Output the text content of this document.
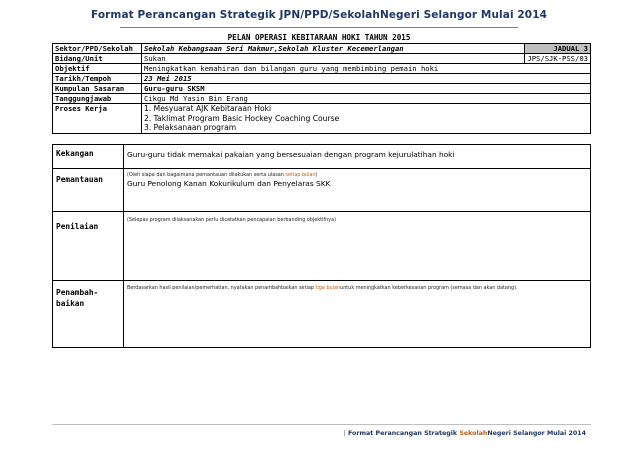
Format Perancangan Strategik JPN/PPD/SekolahNegeri Selangor Mulai 2014
PELAN OPERASI KEBITARAAN HOKI TAHUN 2015
Sektor/PPD/Sekolah	Sekolah Kebangsaan Seri Makmur,Sekolah Kluster Kecemerlangan	JADUAL 3
Bidang/Unit	Sukan	JPS/SJK-PSS/03
Objektif	Meningkatkan kemahiran dan bilangan guru yang membimbing pemain hoki	
Tarikh/Tempoh	23 Mei 2015	
Kumpulan Sasaran	Guru-guru SKSM	
Tanggungjawab	Cikgu Md Yasin Bin Erang	
Proses Kerja	1. Mesyuarat AJK Kebitaraan Hoki
2. Taklimat Program Basic Hockey Coaching Course
3. Pelaksanaan program	
Kekangan	Guru-guru tidak memakai pakaian yang bersesuaian dengan program kejurulatihan hoki

Pemantauan	(Oleh siapa dan bagaimana pemantauan dilakukan serta ulasan setiap bulan)
Guru Penolong Kanan Kokurikulum dan Penyelaras SKK

Penilaian	(Selepas program dilaksanakan perlu dicatatkan pencapaian berbanding objektifnya)

Penambah-
baikan	Berdasarkan hasil penilaian/pemerhatian, nyatakan penambahbaikan setiap tiga bulanuntuk meningkatkan keberkesanan program (semasa dan akan datang).
| Format Perancangan Strategik SekolahNegeri Selangor Mulai 2014
